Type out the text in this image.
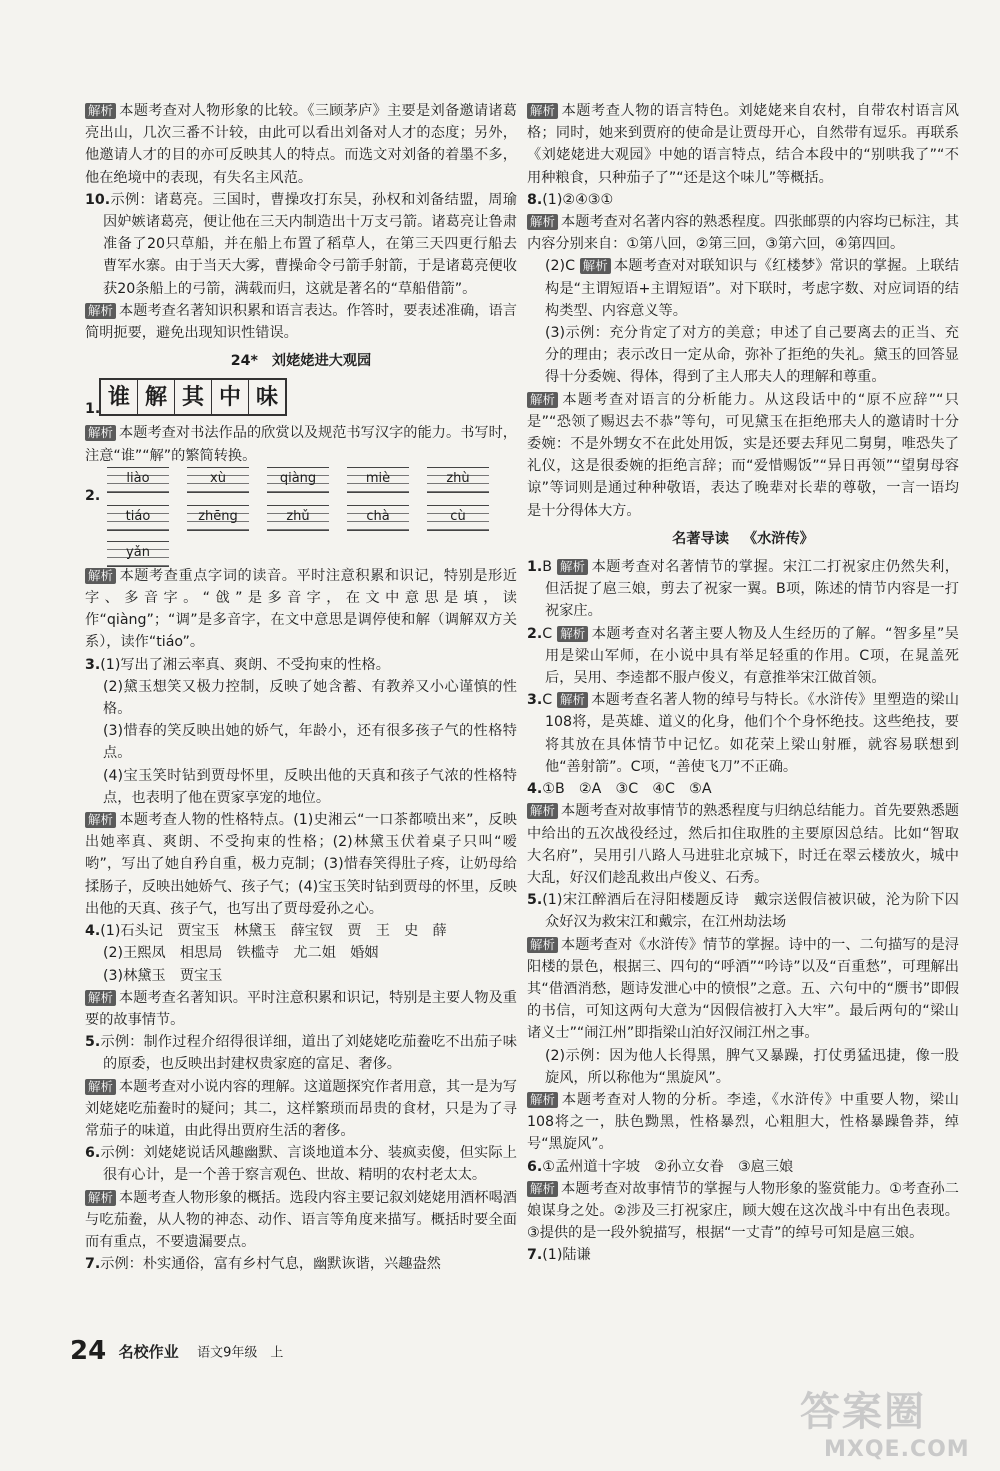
解析 本题考查对人物形象的比较。《三顾茅庐》主要是刘备邀请诸葛亮出山，几次三番不计较，由此可以看出刘备对人才的态度；另外，他邀请人才的目的亦可反映其人的特点。而选文对刘备的着墨不多，他在绝境中的表现，有失名主风范。

10.示例：诸葛亮。三国时，曹操攻打东吴，孙权和刘备结盟，周瑜因妒嫉诸葛亮，便让他在三天内制造出十万支弓箭。诸葛亮让鲁肃准备了20只草船，并在船上布置了稻草人，在第三天四更行船去曹军水寨。由于当天大雾，曹操命令弓箭手射箭，于是诸葛亮便收获20条船上的弓箭，满载而归，这就是著名的“草船借箭”。

解析 本题考查名著知识积累和语言表达。作答时，要表述准确，语言简明扼要，避免出现知识性错误。

24* 刘姥姥进大观园

1. 谁 解 其 中 味

解析 本题考查对书法作品的欣赏以及规范书写汉字的能力。书写时，注意“谁”“解”的繁简转换。

2.
liào	xù	qiàng	miè	zhù
tiáo	zhēng	zhǔ	chà	cù
yǎn

解析 本题考查重点字词的读音。平时注意积累和识记，特别是形近字、多音字。“戗”是多音字，在文中意思是填，读作“qiàng”；“调”是多音字，在文中意思是调停使和解（调解双方关系），读作“tiáo”。

3.(1)写出了湘云率真、爽朗、不受拘束的性格。

(2)黛玉想笑又极力控制，反映了她含蓄、有教养又小心谨慎的性格。

(3)惜春的笑反映出她的娇气，年龄小，还有很多孩子气的性格特点。

(4)宝玉笑时钻到贾母怀里，反映出他的天真和孩子气浓的性格特点，也表明了他在贾家享宠的地位。

解析 本题考查人物的性格特点。(1)史湘云“一口茶都喷出来”，反映出她率真、爽朗、不受拘束的性格；(2)林黛玉伏着桌子只叫“嗳哟”，写出了她自矜自重，极力克制；(3)惜春笑得肚子疼，让奶母给揉肠子，反映出她娇气、孩子气；(4)宝玉笑时钻到贾母的怀里，反映出他的天真、孩子气，也写出了贾母爱孙之心。

4.(1)石头记　贾宝玉　林黛玉　薛宝钗　贾　王　史　薛

(2)王熙凤　相思局　铁槛寺　尤二姐　婚姻

(3)林黛玉　贾宝玉

解析 本题考查名著知识。平时注意积累和识记，特别是主要人物及重要的故事情节。

5.示例：制作过程介绍得很详细，道出了刘姥姥吃茄鲞吃不出茄子味的原委，也反映出封建权贵家庭的富足、奢侈。

解析 本题考查对小说内容的理解。这道题探究作者用意，其一是为写刘姥姥吃茄鲞时的疑问；其二，这样繁琐而昂贵的食材，只是为了寻常茄子的味道，由此得出贾府生活的奢侈。

6.示例：刘姥姥说话风趣幽默、言谈地道本分、装疯卖傻，但实际上很有心计，是一个善于察言观色、世故、精明的农村老太太。

解析 本题考查人物形象的概括。选段内容主要记叙刘姥姥用酒杯喝酒与吃茄鲞，从人物的神态、动作、语言等角度来描写。概括时要全面而有重点，不要遗漏要点。

7.示例：朴实通俗，富有乡村气息，幽默诙谐，兴趣盎然

解析 本题考查人物的语言特色。刘姥姥来自农村，自带农村语言风格；同时，她来到贾府的使命是让贾母开心，自然带有逗乐。再联系《刘姥姥进大观园》中她的语言特点，结合本段中的“别哄我了”“不用种粮食，只种茄子了”“还是这个味儿”等概括。

8.(1)②④③①

解析 本题考查对名著内容的熟悉程度。四张邮票的内容均已标注，其内容分别来自：①第八回，②第三回，③第六回，④第四回。

(2)C 解析 本题考查对对联知识与《红楼梦》常识的掌握。上联结构是“主谓短语+主谓短语”。对下联时，考虑字数、对应词语的结构类型、内容意义等。

(3)示例：充分肯定了对方的美意；申述了自己要离去的正当、充分的理由；表示改日一定从命，弥补了拒绝的失礼。黛玉的回答显得十分委婉、得体，得到了主人邢夫人的理解和尊重。

解析 本题考查对语言的分析能力。从这段话中的“原不应辞”“只是”“恐领了赐迟去不恭”等句，可见黛玉在拒绝邢夫人的邀请时十分委婉：不是外甥女不在此处用饭，实是还要去拜见二舅舅，唯恐失了礼仪，这是很委婉的拒绝言辞；而“爱惜赐饭”“异日再领”“望舅母容谅”等词则是通过种种敬语，表达了晚辈对长辈的尊敬，一言一语均是十分得体大方。

名著导读 《水浒传》

1.B 解析 本题考查对名著情节的掌握。宋江二打祝家庄仍然失利，但活捉了扈三娘，剪去了祝家一翼。B项，陈述的情节内容是一打祝家庄。

2.C 解析 本题考查对名著主要人物及人生经历的了解。“智多星”吴用是梁山军师，在小说中具有举足轻重的作用。C项，在晁盖死后，吴用、李逵都不服卢俊义，有意推举宋江做首领。

3.C 解析 本题考查名著人物的绰号与特长。《水浒传》里塑造的梁山108将，是英雄、道义的化身，他们个个身怀绝技。这些绝技，要将其放在具体情节中记忆。如花荣上梁山射雁，就容易联想到他“善射箭”。C项，“善使飞刀”不正确。

4.①B　②A　③C　④C　⑤A

解析 本题考查对故事情节的熟悉程度与归纳总结能力。首先要熟悉题中给出的五次战役经过，然后扣住取胜的主要原因总结。比如“智取大名府”，吴用引八路人马进驻北京城下，时迁在翠云楼放火，城中大乱，好汉们趁乱救出卢俊义、石秀。

5.(1)宋江醉酒后在浔阳楼题反诗　戴宗送假信被识破，沦为阶下囚　众好汉为救宋江和戴宗，在江州劫法场

解析 本题考查对《水浒传》情节的掌握。诗中的一、二句描写的是浔阳楼的景色，根据三、四句的“呼酒”“吟诗”以及“百重愁”，可理解出其“借酒消愁，题诗发泄心中的愤恨”之意。五、六句中的“赝书”即假的书信，可知这两句大意为“因假信被打入大牢”。最后两句的“梁山诸义士”“闹江州”即指梁山泊好汉闹江州之事。

(2)示例：因为他人长得黑，脾气又暴躁，打仗勇猛迅捷，像一股旋风，所以称他为“黑旋风”。

解析 本题考查对人物的分析。李逵，《水浒传》中重要人物，梁山108将之一，肤色黝黑，性格暴烈，心粗胆大，性格暴躁鲁莽，绰号“黑旋风”。

6.①孟州道十字坡　②孙立女眷　③扈三娘

解析 本题考查对故事情节的掌握与人物形象的鉴赏能力。①考查孙二娘谋身之处。②涉及三打祝家庄，顾大嫂在这次战斗中有出色表现。③提供的是一段外貌描写，根据“一丈青”的绰号可知是扈三娘。

7.(1)陆谦

24 名校作业 语文9年级　上
答案圈
MXQE.COM
